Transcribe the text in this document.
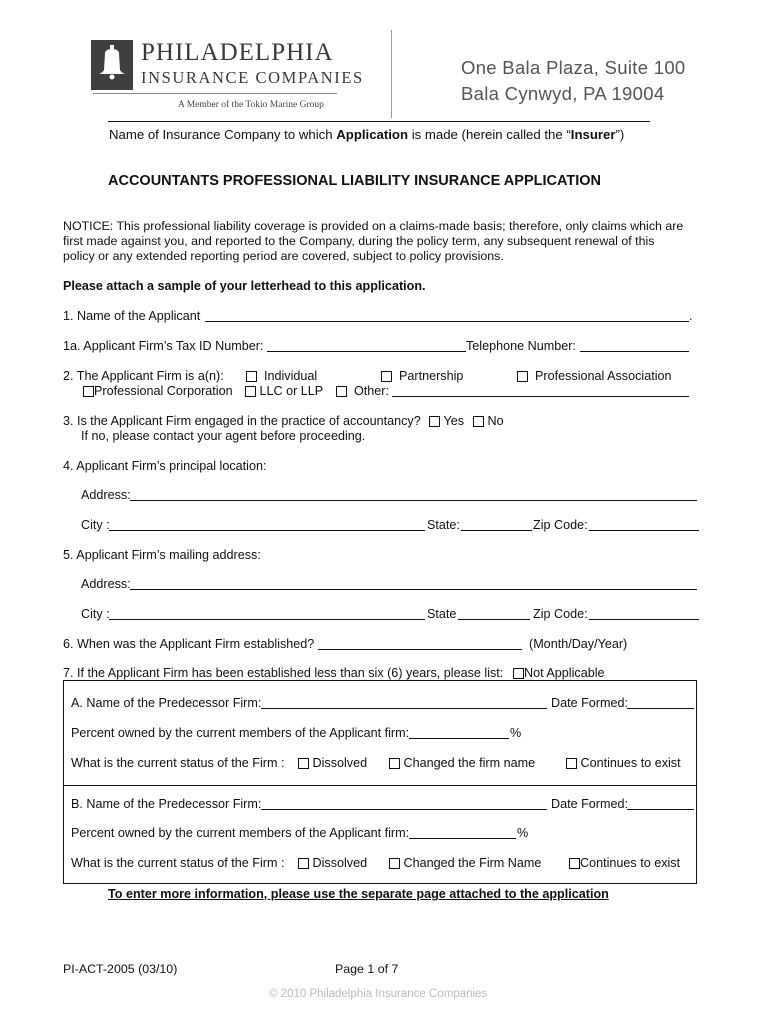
PHILADELPHIA
INSURANCE COMPANIES
A Member of the Tokio Marine Group
One Bala Plaza, Suite 100
Bala Cynwyd, PA 19004
Name of Insurance Company to which Application is made (herein called the “Insurer”)
ACCOUNTANTS PROFESSIONAL LIABILITY INSURANCE APPLICATION
NOTICE: This professional liability coverage is provided on a claims-made basis; therefore, only claims which are
first made against you, and reported to the Company, during the policy term, any subsequent renewal of this
policy or any extended reporting period are covered, subject to policy provisions.
Please attach a sample of your letterhead to this application.
1. Name of the Applicant	.
1a. Applicant Firm’s Tax ID Number:	Telephone Number:
2. The Applicant Firm is a(n):	Individual	Partnership	Professional Association
Professional Corporation	LLC or LLP	Other:
3. Is the Applicant Firm engaged in the practice of accountancy?	Yes	No
If no, please contact your agent before proceeding.
4. Applicant Firm’s principal location:
Address:
City :	State:	Zip Code:
5. Applicant Firm’s mailing address:
Address:
City :	State	Zip Code:
6. When was the Applicant Firm established?	(Month/Day/Year)
7. If the Applicant Firm has been established less than six (6) years, please list:	Not Applicable
A. Name of the Predecessor Firm:	Date Formed:
Percent owned by the current members of the Applicant firm:	%
What is the current status of the Firm :	Dissolved	Changed the firm name	Continues to exist
B. Name of the Predecessor Firm:	Date Formed:
Percent owned by the current members of the Applicant firm:	%
What is the current status of the Firm :	Dissolved	Changed the Firm Name	Continues to exist
To enter more information, please use the separate page attached to the application
PI-ACT-2005 (03/10)	Page 1 of 7
© 2010 Philadelphia Insurance Companies
